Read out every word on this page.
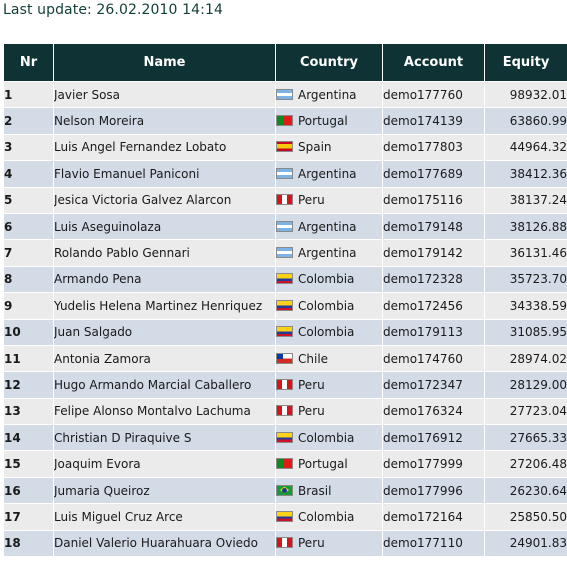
Last update: 26.02.2010 14:14
Nr	Name	Country	Account	Equity
1	Javier Sosa	Argentina	demo177760	98932.01
2	Nelson Moreira	Portugal	demo174139	63860.99
3	Luis Angel Fernandez Lobato	Spain	demo177803	44964.32
4	Flavio Emanuel Paniconi	Argentina	demo177689	38412.36
5	Jesica Victoria Galvez Alarcon	Peru	demo175116	38137.24
6	Luis Aseguinolaza	Argentina	demo179148	38126.88
7	Rolando Pablo Gennari	Argentina	demo179142	36131.46
8	Armando Pena	Colombia	demo172328	35723.70
9	Yudelis Helena Martinez Henriquez	Colombia	demo172456	34338.59
10	Juan Salgado	Colombia	demo179113	31085.95
11	Antonia Zamora	Chile	demo174760	28974.02
12	Hugo Armando Marcial Caballero	Peru	demo172347	28129.00
13	Felipe Alonso Montalvo Lachuma	Peru	demo176324	27723.04
14	Christian D Piraquive S	Colombia	demo176912	27665.33
15	Joaquim Evora	Portugal	demo177999	27206.48
16	Jumaria Queiroz	Brasil	demo177996	26230.64
17	Luis Miguel Cruz Arce	Colombia	demo172164	25850.50
18	Daniel Valerio Huarahuara Oviedo	Peru	demo177110	24901.83
